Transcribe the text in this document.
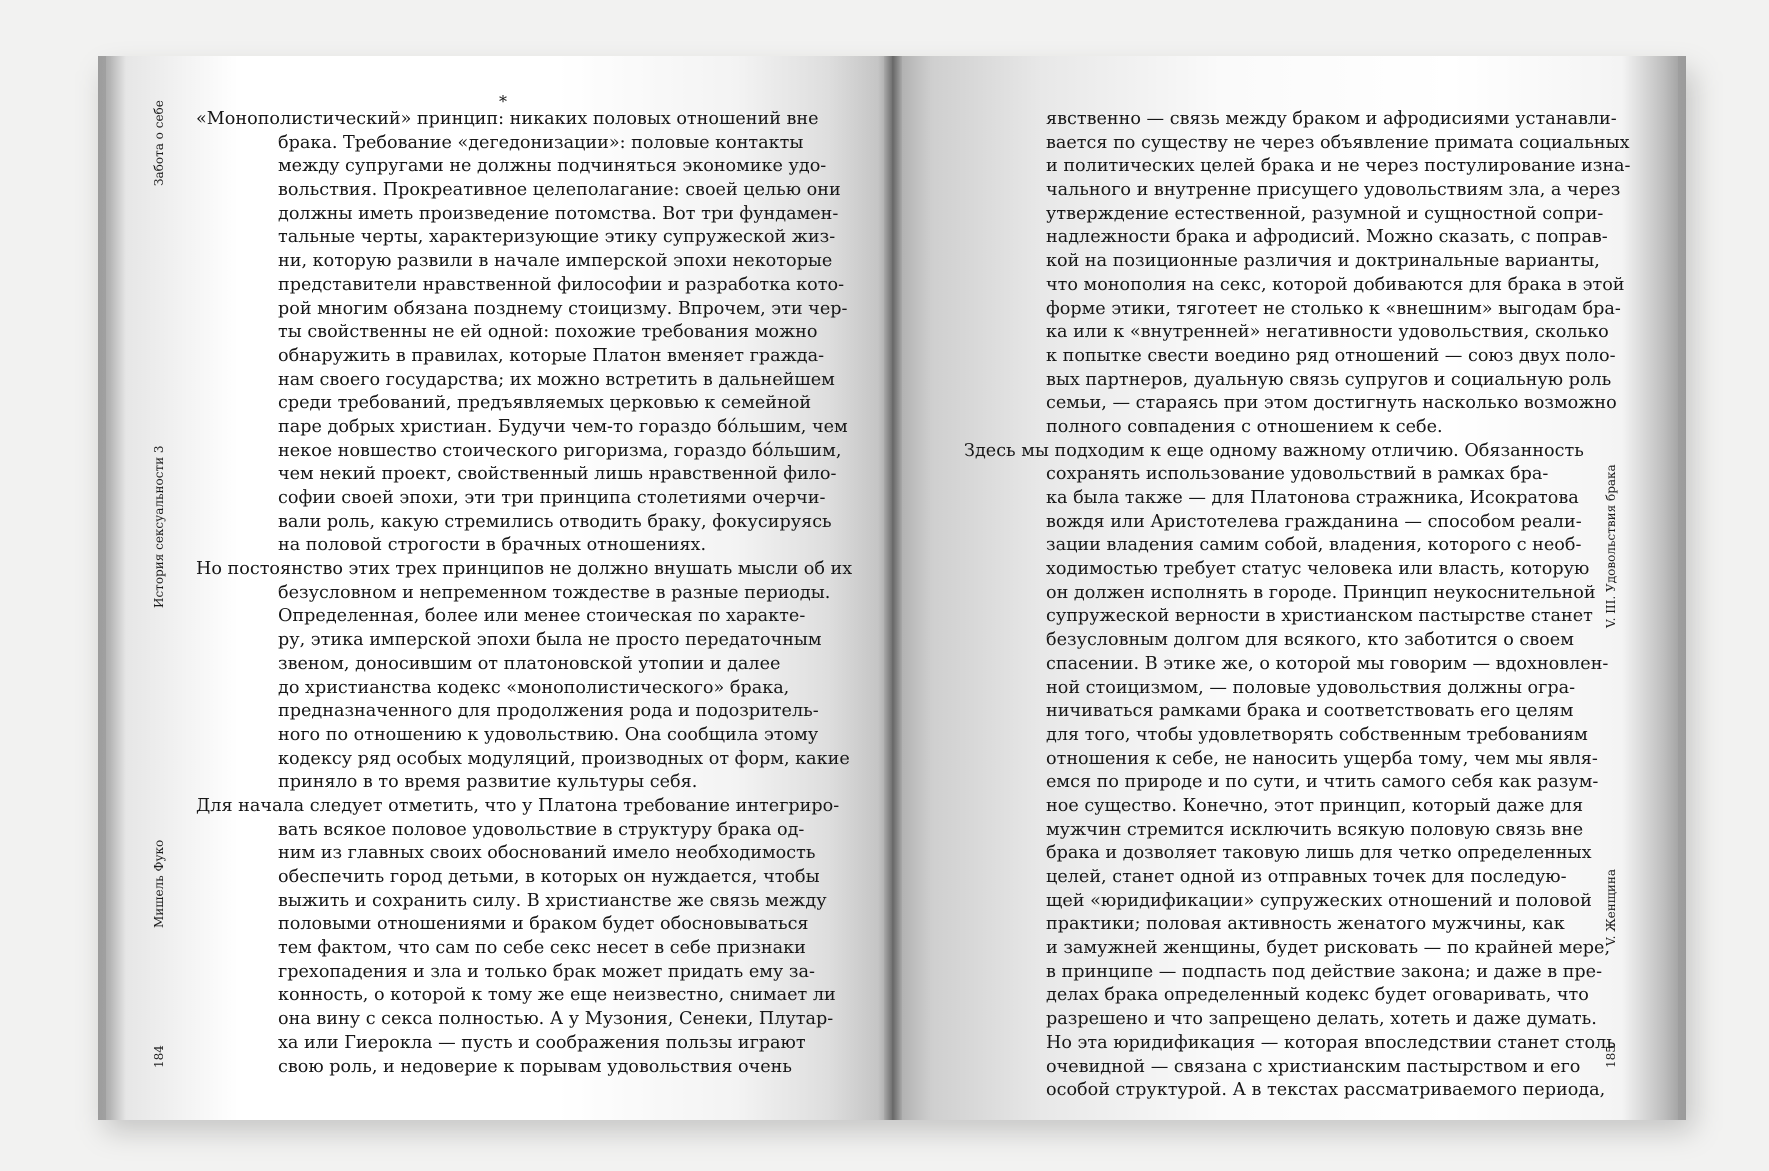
Забота о себе
История сексуальности 3
Мишель Фуко
184
*
«Монополистический» принцип: никаких половых отношений вне
брака. Требование «дегедонизации»: половые контакты
между супругами не должны подчиняться экономике удо-
вольствия. Прокреативное целеполагание: своей целью они
должны иметь произведение потомства. Вот три фундамен-
тальные черты, характеризующие этику супружеской жиз-
ни, которую развили в начале имперской эпохи некоторые
представители нравственной философии и разработка кото-
рой многим обязана позднему стоицизму. Впрочем, эти чер-
ты свойственны не ей одной: похожие требования можно
обнаружить в правилах, которые Платон вменяет гражда-
нам своего государства; их можно встретить в дальнейшем
среди требований, предъявляемых церковью к семейной
паре добрых христиан. Будучи чем-то гораздо бо́льшим, чем
некое новшество стоического ригоризма, гораздо бо́льшим,
чем некий проект, свойственный лишь нравственной фило-
софии своей эпохи, эти три принципа столетиями очерчи-
вали роль, какую стремились отводить браку, фокусируясь
на половой строгости в брачных отношениях.
Но постоянство этих трех принципов не должно внушать мысли об их
безусловном и непременном тождестве в разные периоды.
Определенная, более или менее стоическая по характе-
ру, этика имперской эпохи была не просто передаточным
звеном, доносившим от платоновской утопии и далее
до христианства кодекс «монополистического» брака,
предназначенного для продолжения рода и подозритель-
ного по отношению к удовольствию. Она сообщила этому
кодексу ряд особых модуляций, производных от форм, какие
приняло в то время развитие культуры себя.
Для начала следует отметить, что у Платона требование интегриро-
вать всякое половое удовольствие в структуру брака од-
ним из главных своих обоснований имело необходимость
обеспечить город детьми, в которых он нуждается, чтобы
выжить и сохранить силу. В христианстве же связь между
половыми отношениями и браком будет обосновываться
тем фактом, что сам по себе секс несет в себе признаки
грехопадения и зла и только брак может придать ему за-
конность, о которой к тому же еще неизвестно, снимает ли
она вину с секса полностью. А у Музония, Сенеки, Плутар-
ха или Гиерокла — пусть и соображения пользы играют
свою роль, и недоверие к порывам удовольствия очень
V. III. Удовольствия брака
V. Женщина
185
явственно — связь между браком и афродисиями устанавли-
вается по существу не через объявление примата социальных
и политических целей брака и не через постулирование изна-
чального и внутренне присущего удовольствиям зла, а через
утверждение естественной, разумной и сущностной сопри-
надлежности брака и афродисий. Можно сказать, с поправ-
кой на позиционные различия и доктринальные варианты,
что монополия на секс, которой добиваются для брака в этой
форме этики, тяготеет не столько к «внешним» выгодам бра-
ка или к «внутренней» негативности удовольствия, сколько
к попытке свести воедино ряд отношений — союз двух поло-
вых партнеров, дуальную связь супругов и социальную роль
семьи, — стараясь при этом достигнуть насколько возможно
полного совпадения с отношением к себе.
Здесь мы подходим к еще одному важному отличию. Обязанность
сохранять использование удовольствий в рамках бра-
ка была также — для Платонова стражника, Исократова
вождя или Аристотелева гражданина — способом реали-
зации владения самим собой, владения, которого с необ-
ходимостью требует статус человека или власть, которую
он должен исполнять в городе. Принцип неукоснительной
супружеской верности в христианском пастырстве станет
безусловным долгом для всякого, кто заботится о своем
спасении. В этике же, о которой мы говорим — вдохновлен-
ной стоицизмом, — половые удовольствия должны огра-
ничиваться рамками брака и соответствовать его целям
для того, чтобы удовлетворять собственным требованиям
отношения к себе, не наносить ущерба тому, чем мы явля-
емся по природе и по сути, и чтить самого себя как разум-
ное существо. Конечно, этот принцип, который даже для
мужчин стремится исключить всякую половую связь вне
брака и дозволяет таковую лишь для четко определенных
целей, станет одной из отправных точек для последую-
щей «юридификации» супружеских отношений и половой
практики; половая активность женатого мужчины, как
и замужней женщины, будет рисковать — по крайней мере,
в принципе — подпасть под действие закона; и даже в пре-
делах брака определенный кодекс будет оговаривать, что
разрешено и что запрещено делать, хотеть и даже думать.
Но эта юридификация — которая впоследствии станет столь
очевидной — связана с христианским пастырством и его
особой структурой. А в текстах рассматриваемого периода,
